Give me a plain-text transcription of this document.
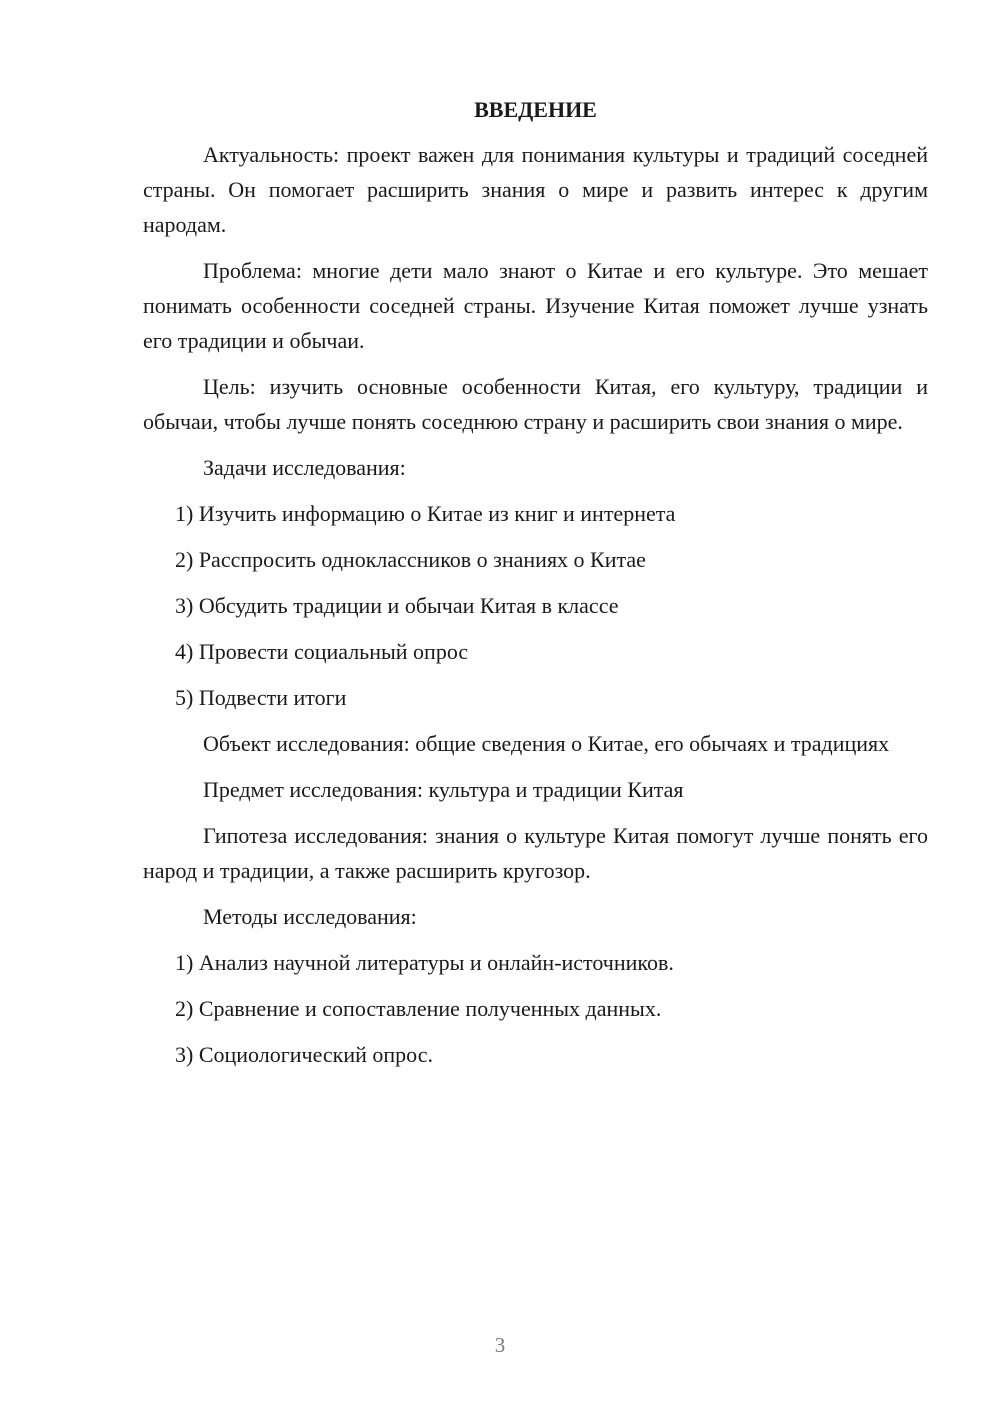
ВВЕДЕНИЕ

Актуальность: проект важен для понимания культуры и традиций соседней страны. Он помогает расширить знания о мире и развить интерес к другим народам.

Проблема: многие дети мало знают о Китае и его культуре. Это мешает понимать особенности соседней страны. Изучение Китая поможет лучше узнать его традиции и обычаи.

Цель: изучить основные особенности Китая, его культуру, традиции и обычаи, чтобы лучше понять соседнюю страну и расширить свои знания о мире.

Задачи исследования:

1) Изучить информацию о Китае из книг и интернета
2) Расспросить одноклассников о знаниях о Китае
3) Обсудить традиции и обычаи Китая в классе
4) Провести социальный опрос
5) Подвести итоги

Объект исследования: общие сведения о Китае, его обычаях и традициях

Предмет исследования: культура и традиции Китая

Гипотеза исследования: знания о культуре Китая помогут лучше понять его народ и традиции, а также расширить кругозор.

Методы исследования:

1) Анализ научной литературы и онлайн-источников.
2) Сравнение и сопоставление полученных данных.
3) Социологический опрос.
3
